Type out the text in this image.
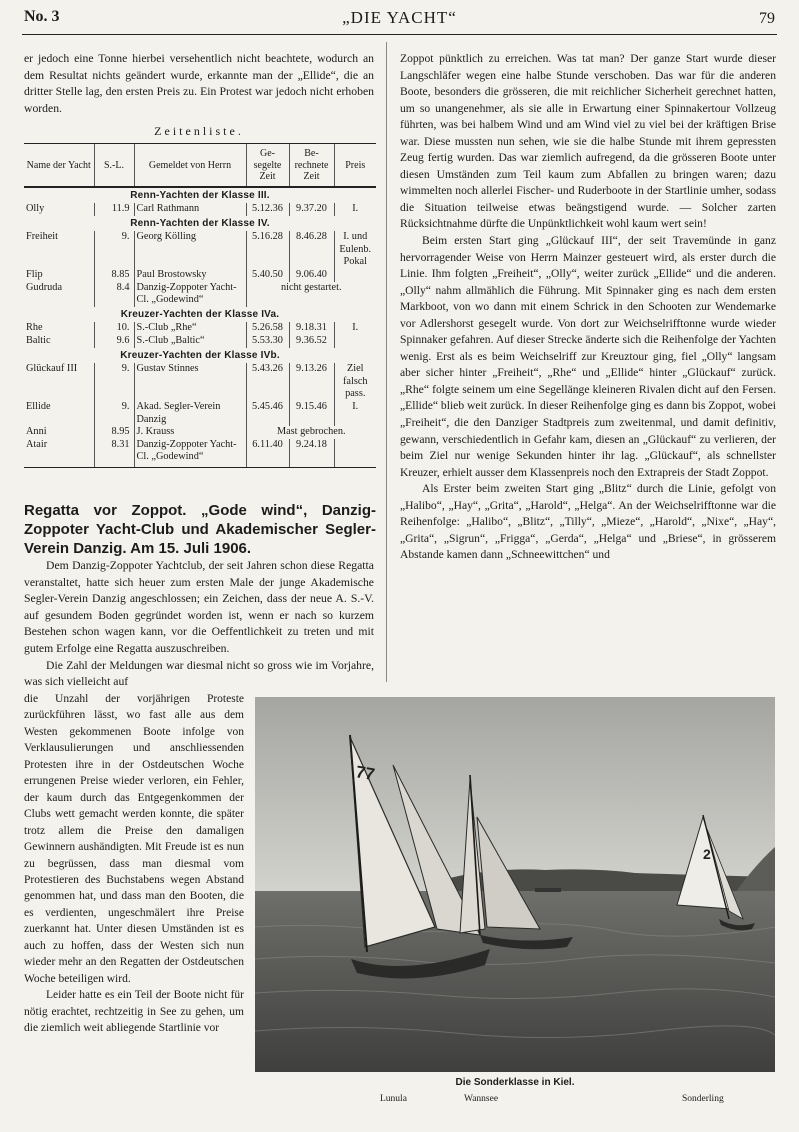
No. 3	„DIE YACHT“	79

er jedoch eine Tonne hierbei versehentlich nicht beachtete, wodurch an dem Resultat nichts geändert wurde, erkannte man der „Ellide“, die an dritter Stelle lag, den ersten Preis zu. Ein Protest war jedoch nicht erhoben worden.

Zeitenliste.
Name der Yacht	S.-L.	Gemeldet von Herrn	Ge-segelte Zeit	Be-rechnete Zeit	Preis
Renn-Yachten der Klasse III.					
Olly	11.9	Carl Rathmann	5.12.36	9.37.20	I.
Renn-Yachten der Klasse IV.					
Freiheit	9.	Georg Kölling	5.16.28	8.46.28	I. und Eulenb. Pokal
Flip	8.85	Paul Brostowsky	5.40.50	9.06.40	
Gudruda	8.4	Danzig-Zoppoter Yacht-Cl. „Godewind“	nicht gestartet.		
Kreuzer-Yachten der Klasse IVa.					
Rhe	10.	S.-Club „Rhe“	5.26.58	9.18.31	I.
Baltic	9.6	S.-Club „Baltic“	5.53.30	9.36.52	
Kreuzer-Yachten der Klasse IVb.					
Glückauf III	9.	Gustav Stinnes	5.43.26	9.13.26	Ziel falsch pass.
Ellide	9.	Akad. Segler-Verein Danzig	5.45.46	9.15.46	I.
Anni	8.95	J. Krauss	Mast gebrochen.		
Atair	8.31	Danzig-Zoppoter Yacht-Cl. „Godewind“	6.11.40	9.24.18	
Regatta vor Zoppot. „Gode wind“, Danzig-Zoppoter Yacht-Club und Akademischer Segler-Verein Danzig. Am 15. Juli 1906.

Dem Danzig-Zoppoter Yachtclub, der seit Jahren schon diese Regatta veranstaltet, hatte sich heuer zum ersten Male der junge Akademische Segler-Verein Danzig angeschlossen; ein Zeichen, dass der neue A. S.-V. auf gesundem Boden gegründet worden ist, wenn er nach so kurzem Bestehen schon wagen kann, vor die Oeffentlichkeit zu treten und mit gutem Erfolge eine Regatta auszuschreiben.

Die Zahl der Meldungen war diesmal nicht so gross wie im Vorjahre, was sich vielleicht auf

die Unzahl der vorjährigen Proteste zurückführen lässt, wo fast alle aus dem Westen gekommenen Boote infolge von Verklausulierungen und anschliessenden Protesten ihre in der Ostdeutschen Woche errungenen Preise wieder verloren, ein Fehler, der kaum durch das Entgegenkommen der Clubs wett gemacht werden konnte, die später trotz allem die Preise den damaligen Gewinnern aushändigten. Mit Freude ist es nun zu begrüssen, dass man diesmal vom Protestieren des Buchstabens wegen Abstand genommen hat, und dass man den Booten, die es verdienten, ungeschmälert ihre Preise zuerkannt hat. Unter diesen Umständen ist es auch zu hoffen, dass der Westen sich nun wieder mehr an den Regatten der Ostdeutschen Woche beteiligen wird.

Leider hatte es ein Teil der Boote nicht für nötig erachtet, rechtzeitig in See zu gehen, um die ziemlich weit abliegende Startlinie vor

Zoppot pünktlich zu erreichen. Was tat man? Der ganze Start wurde dieser Langschläfer wegen eine halbe Stunde verschoben. Das war für die anderen Boote, besonders die grösseren, die mit reichlicher Sicherheit gerechnet hatten, um so unangenehmer, als sie alle in Erwartung einer Spinnakertour Vollzeug führten, was bei halbem Wind und am Wind viel zu viel bei der kräftigen Brise war. Diese mussten nun sehen, wie sie die halbe Stunde mit ihrem gepressten Zeug fertig wurden. Das war ziemlich aufregend, da die grösseren Boote unter diesen Umständen zum Teil kaum zum Abfallen zu bringen waren; dazu wimmelten noch allerlei Fischer- und Ruderboote in der Startlinie umher, sodass die Situation teilweise etwas beängstigend wurde. — Solcher zarten Rücksichtnahme dürfte die Unpünktlichkeit wohl kaum wert sein!

Beim ersten Start ging „Glückauf III“, der seit Travemünde in ganz hervorragender Weise von Herrn Mainzer gesteuert wird, als erster durch die Linie. Ihm folgten „Freiheit“, „Olly“, weiter zurück „Ellide“ und die anderen. „Olly“ nahm allmählich die Führung. Mit Spinnaker ging es nach dem ersten Markboot, von wo dann mit einem Schrick in den Schooten zur Wendemarke vor Adlershorst gesegelt wurde. Von dort zur Weichselrifftonne wurde wieder Spinnaker gefahren. Auf dieser Strecke änderte sich die Reihenfolge der Yachten wenig. Erst als es beim Weichselriff zur Kreuztour ging, fiel „Olly“ langsam aber sicher hinter „Freiheit“, „Rhe“ und „Ellide“ hinter „Glückauf“ zurück. „Rhe“ folgte seinem um eine Segellänge kleineren Rivalen dicht auf den Fersen. „Ellide“ blieb weit zurück. In dieser Reihenfolge ging es dann bis Zoppot, wobei „Freiheit“, die den Danziger Stadtpreis zum zweitenmal, und damit definitiv, gewann, verschiedentlich in Gefahr kam, diesen an „Glückauf“ zu verlieren, der beim Ziel nur wenige Sekunden hinter ihr lag. „Glückauf“, als schnellster Kreuzer, erhielt ausser dem Klassenpreis noch den Extrapreis der Stadt Zoppot.

Als Erster beim zweiten Start ging „Blitz“ durch die Linie, gefolgt von „Halibo“, „Hay“, „Grita“, „Harold“, „Helga“. An der Weichselrifftonne war die Reihenfolge: „Halibo“, „Blitz“, „Tilly“, „Mieze“, „Harold“, „Nixe“, „Hay“, „Grita“, „Sigrun“, „Frigga“, „Gerda“, „Helga“ und „Briese“, in grösserem Abstande kamen dann „Schneewittchen“ und

77
2
Die Sonderklasse in Kiel.
Lunula	Wannsee	Sonderling
